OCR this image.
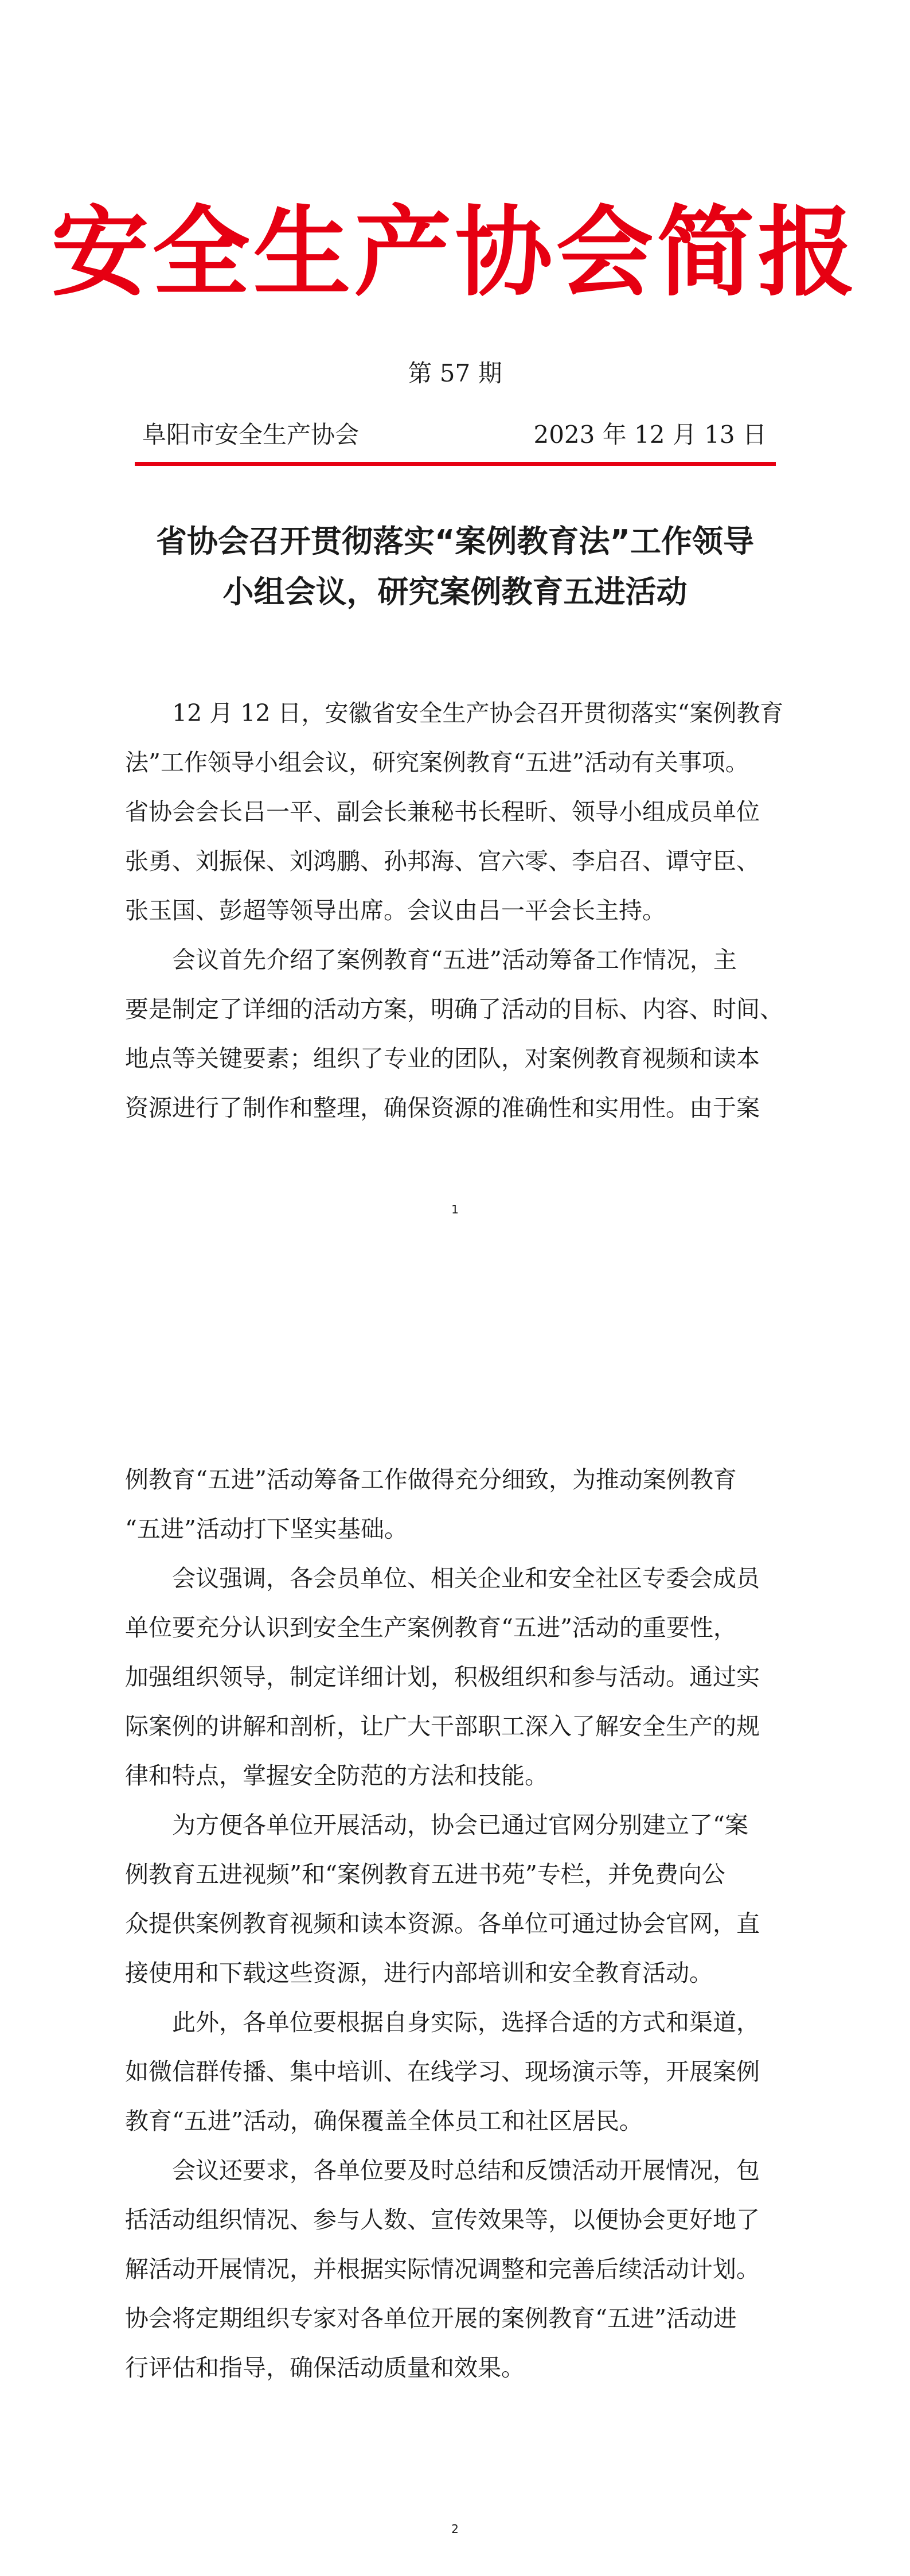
安全生产协会简报
第 57 期
阜阳市安全生产协会	2023 年 12 月 13 日
省协会召开贯彻落实“案例教育法”工作领导
小组会议，研究案例教育五进活动
12 月 12 日，安徽省安全生产协会召开贯彻落实“案例教育
法”工作领导小组会议，研究案例教育“五进”活动有关事项。
省协会会长吕一平、副会长兼秘书长程昕、领导小组成员单位
张勇、刘振保、刘鸿鹏、孙邦海、宫六零、李启召、谭守臣、
张玉国、彭超等领导出席。会议由吕一平会长主持。
会议首先介绍了案例教育“五进”活动筹备工作情况，主
要是制定了详细的活动方案，明确了活动的目标、内容、时间、
地点等关键要素；组织了专业的团队，对案例教育视频和读本
资源进行了制作和整理，确保资源的准确性和实用性。由于案
1
例教育“五进”活动筹备工作做得充分细致，为推动案例教育
“五进”活动打下坚实基础。
会议强调，各会员单位、相关企业和安全社区专委会成员
单位要充分认识到安全生产案例教育“五进”活动的重要性，
加强组织领导，制定详细计划，积极组织和参与活动。通过实
际案例的讲解和剖析，让广大干部职工深入了解安全生产的规
律和特点，掌握安全防范的方法和技能。
为方便各单位开展活动，协会已通过官网分别建立了“案
例教育五进视频”和“案例教育五进书苑”专栏，并免费向公
众提供案例教育视频和读本资源。各单位可通过协会官网，直
接使用和下载这些资源，进行内部培训和安全教育活动。
此外，各单位要根据自身实际，选择合适的方式和渠道，
如微信群传播、集中培训、在线学习、现场演示等，开展案例
教育“五进”活动，确保覆盖全体员工和社区居民。
会议还要求，各单位要及时总结和反馈活动开展情况，包
括活动组织情况、参与人数、宣传效果等，以便协会更好地了
解活动开展情况，并根据实际情况调整和完善后续活动计划。
协会将定期组织专家对各单位开展的案例教育“五进”活动进
行评估和指导，确保活动质量和效果。
2
